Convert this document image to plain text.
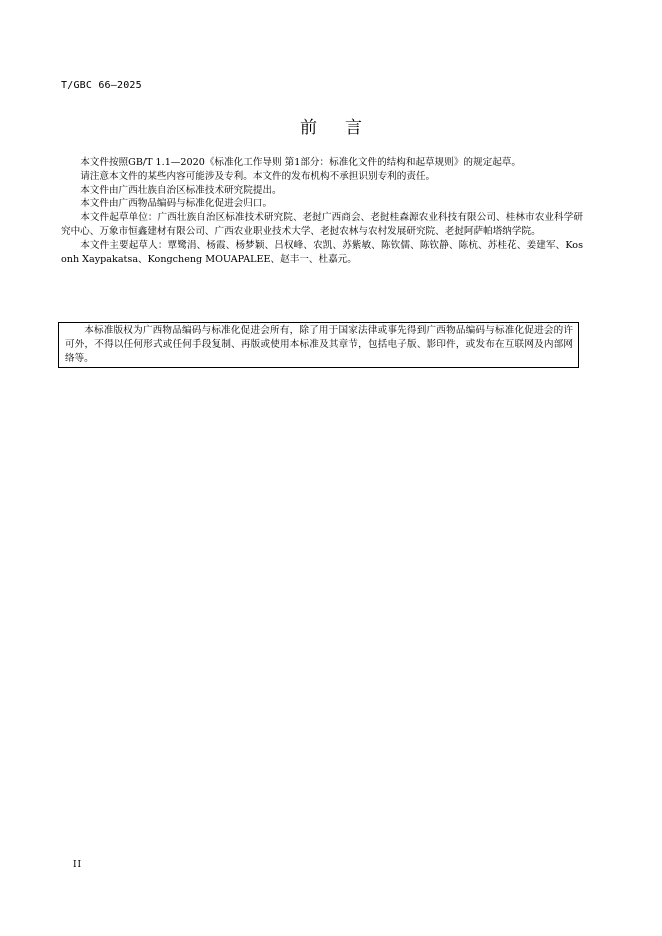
T/GBC 66—2025
前言

本文件按照GB/T 1.1—2020《标准化工作导则 第1部分：标准化文件的结构和起草规则》的规定起草。

请注意本文件的某些内容可能涉及专利。本文件的发布机构不承担识别专利的责任。

本文件由广西壮族自治区标准技术研究院提出。

本文件由广西物品编码与标准化促进会归口。

本文件起草单位：广西壮族自治区标准技术研究院、老挝广西商会、老挝桂森源农业科技有限公司、桂林市农业科学研究中心、万象市恒鑫建材有限公司、广西农业职业技术大学、老挝农林与农村发展研究院、老挝阿萨帕塔纳学院。

本文件主要起草人：覃鹭涓、杨霞、杨梦颖、吕权峰、农凯、苏紫敏、陈钦儒、陈钦静、陈杭、苏桂花、姜建军、Kosonh Xaypakatsa、Kongcheng MOUAPALEE、赵丰一、杜嘉元。

本标准版权为广西物品编码与标准化促进会所有，除了用于国家法律或事先得到广西物品编码与标准化促进会的许可外，不得以任何形式或任何手段复制、再版或使用本标准及其章节，包括电子版、影印件，或发布在互联网及内部网络等。

II
